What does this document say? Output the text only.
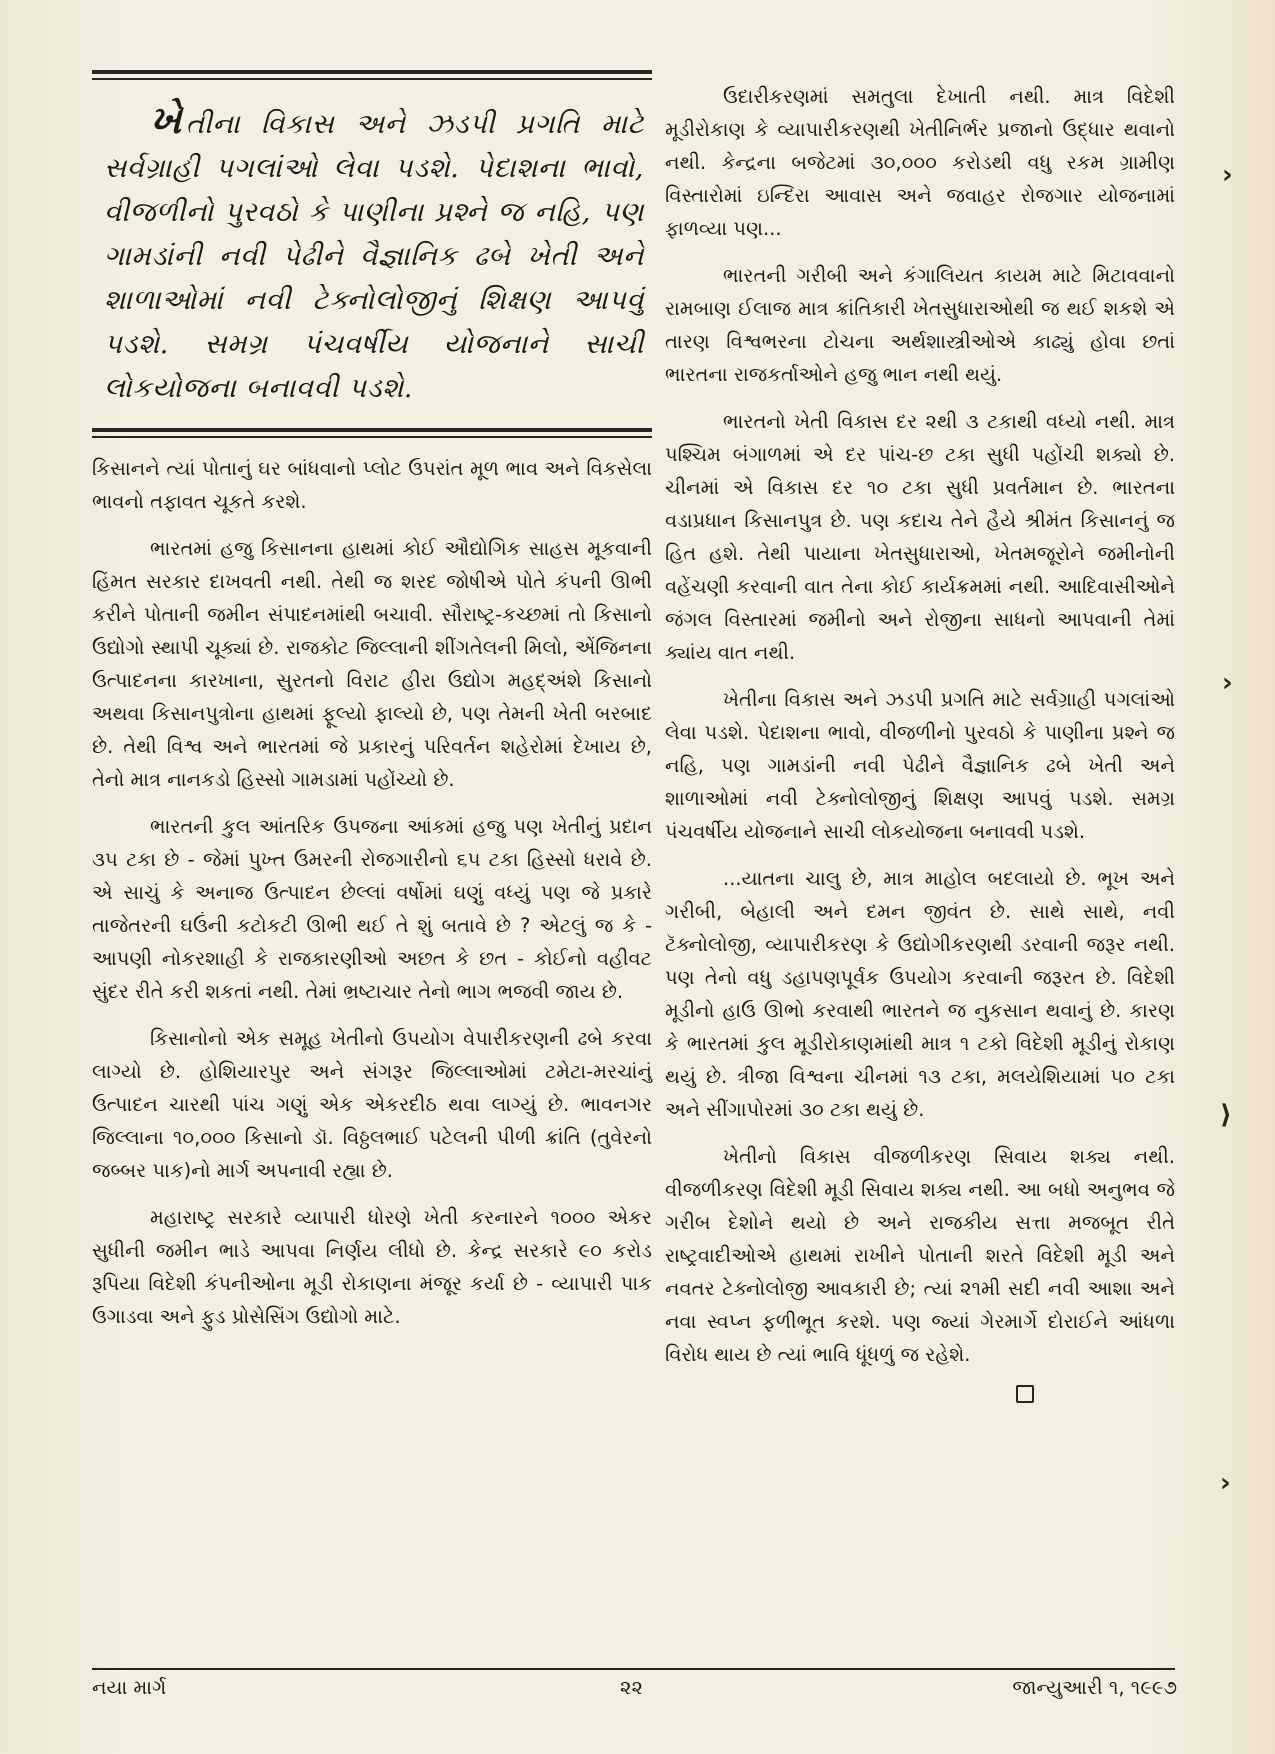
ખે તીના વિકાસ અને ઝડપી પ્રગતિ માટે સર્વગ્રાહી પગલાંઓ લેવા પડશે. પેદાશના ભાવો, વીજળીનો પુરવઠો કે પાણીના પ્રશ્ને જ નહિ, પણ ગામડાંની નવી પેઢીને વૈજ્ઞાનિક ઢબે ખેતી અને શાળાઓમાં નવી ટેક્નોલોજીનું શિક્ષણ આપવું પડશે. સમગ્ર પંચવર્ષીય યોજનાને સાચી લોકયોજના બનાવવી પડશે.

કિસાનને ત્યાં પોતાનું ઘર બાંધવાનો પ્લોટ ઉપરાંત મૂળ ભાવ અને વિકસેલા ભાવનો તફાવત ચૂકતે કરશે.

ભારતમાં હજુ કિસાનના હાથમાં કોઈ ઔદ્યોગિક સાહસ મૂકવાની હિંમત સરકાર દાખવતી નથી. તેથી જ શરદ જોષીએ પોતે કંપની ઊભી કરીને પોતાની જમીન સંપાદનમાંથી બચાવી. સૌરાષ્ટ્ર-કચ્છમાં તો કિસાનો ઉદ્યોગો સ્થાપી ચૂક્યાં છે. રાજકોટ જિલ્લાની શીંગતેલની મિલો, એંજિનના ઉત્પાદનના કારખાના, સુરતનો વિરાટ હીરા ઉદ્યોગ મહદ્અંશે કિસાનો અથવા કિસાનપુત્રોના હાથમાં ફૂલ્યો ફાલ્યો છે, પણ તેમની ખેતી બરબાદ છે. તેથી વિશ્વ અને ભારતમાં જે પ્રકારનું પરિવર્તન શહેરોમાં દેખાય છે, તેનો માત્ર નાનકડો હિસ્સો ગામડામાં પહોંચ્યો છે.

ભારતની કુલ આંતરિક ઉપજના આંકમાં હજુ પણ ખેતીનું પ્રદાન ૩૫ ટકા છે - જેમાં પુખ્ત ઉમરની રોજગારીનો ૬૫ ટકા હિસ્સો ધરાવે છે. એ સાચું કે અનાજ ઉત્પાદન છેલ્લાં વર્ષોમાં ઘણું વધ્યું પણ જે પ્રકારે તાજેતરની ઘઉંની કટોકટી ઊભી થઈ તે શું બતાવે છે ? એટલું જ કે - આપણી નોકરશાહી કે રાજકારણીઓ અછત કે છત - કોઈનો વહીવટ સુંદર રીતે કરી શકતાં નથી. તેમાં ભ્રષ્ટાચાર તેનો ભાગ ભજવી જાય છે.

કિસાનોનો એક સમૂહ ખેતીનો ઉપયોગ વેપારીકરણની ઢબે કરવા લાગ્યો છે. હોશિયારપુર અને સંગરૂર જિલ્લાઓમાં ટમેટા-મરચાંનું ઉત્પાદન ચારથી પાંચ ગણું એક એકરદીઠ થવા લાગ્યું છે. ભાવનગર જિલ્લાના ૧૦,૦૦૦ કિસાનો ડૉ. વિઠ્ઠલભાઈ પટેલની પીળી ક્રાંતિ (તુવેરનો જબ્બર પાક)નો માર્ગ અપનાવી રહ્યા છે.

મહારાષ્ટ્ર સરકારે વ્યાપારી ધોરણે ખેતી કરનારને ૧૦૦૦ એકર સુધીની જમીન ભાડે આપવા નિર્ણય લીધો છે. કેન્દ્ર સરકારે ૯૦ કરોડ રૂપિયા વિદેશી કંપનીઓના મૂડી રોકાણના મંજૂર કર્યા છે - વ્યાપારી પાક ઉગાડવા અને ફુડ પ્રોસેસિંગ ઉદ્યોગો માટે.

ઉદારીકરણમાં સમતુલા દેખાતી નથી. માત્ર વિદેશી મૂડીરોકાણ કે વ્યાપારીકરણથી ખેતીનિર્ભર પ્રજાનો ઉદ્ધાર થવાનો નથી. કેન્દ્રના બજેટમાં ૩૦,૦૦૦ કરોડથી વધુ રકમ ગ્રામીણ વિસ્તારોમાં ઇન્દિરા આવાસ અને જવાહર રોજગાર યોજનામાં ફાળવ્યા પણ...

ભારતની ગરીબી અને કંગાલિયત કાયમ માટે મિટાવવાનો રામબાણ ઈલાજ માત્ર ક્રાંતિકારી ખેતસુધારાઓથી જ થઈ શકશે એ તારણ વિશ્વભરના ટોચના અર્થશાસ્ત્રીઓએ કાઢ્યું હોવા છતાં ભારતના રાજકર્તાઓને હજુ ભાન નથી થયું.

ભારતનો ખેતી વિકાસ દર ૨થી ૩ ટકાથી વધ્યો નથી. માત્ર પશ્ચિમ બંગાળમાં એ દર પાંચ-છ ટકા સુધી પહોંચી શક્યો છે. ચીનમાં એ વિકાસ દર ૧૦ ટકા સુધી પ્રવર્તમાન છે. ભારતના વડાપ્રધાન કિસાનપુત્ર છે. પણ કદાચ તેને હૈયે શ્રીમંત કિસાનનું જ હિત હશે. તેથી પાયાના ખેતસુધારાઓ, ખેતમજૂરોને જમીનોની વહેંચણી કરવાની વાત તેના કોઈ કાર્યક્રમમાં નથી. આદિવાસીઓને જંગલ વિસ્તારમાં જમીનો અને રોજીના સાધનો આપવાની તેમાં ક્યાંય વાત નથી.

ખેતીના વિકાસ અને ઝડપી પ્રગતિ માટે સર્વગ્રાહી પગલાંઓ લેવા પડશે. પેદાશના ભાવો, વીજળીનો પુરવઠો કે પાણીના પ્રશ્ને જ નહિ, પણ ગામડાંની નવી પેઢીને વૈજ્ઞાનિક ઢબે ખેતી અને શાળાઓમાં નવી ટેક્નોલોજીનું શિક્ષણ આપવું પડશે. સમગ્ર પંચવર્ષીય યોજનાને સાચી લોકયોજના બનાવવી પડશે.

...યાતના ચાલુ છે, માત્ર માહોલ બદલાયો છે. ભૂખ અને ગરીબી, બેહાલી અને દમન જીવંત છે. સાથે સાથે, નવી ટૅક્નોલોજી, વ્યાપારીકરણ કે ઉદ્યોગીકરણથી ડરવાની જરૂર નથી. પણ તેનો વધુ ડહાપણપૂર્વક ઉપયોગ કરવાની જરૂરત છે. વિદેશી મૂડીનો હાઉ ઊભો કરવાથી ભારતને જ નુકસાન થવાનું છે. કારણ કે ભારતમાં કુલ મૂડીરોકાણમાંથી માત્ર ૧ ટકો વિદેશી મૂડીનું રોકાણ થયું છે. ત્રીજા વિશ્વના ચીનમાં ૧૩ ટકા, મલયેશિયામાં ૫૦ ટકા અને સીંગાપોરમાં ૩૦ ટકા થયું છે.

ખેતીનો વિકાસ વીજળીકરણ સિવાય શક્ય નથી. વીજળીકરણ વિદેશી મૂડી સિવાય શક્ય નથી. આ બધો અનુભવ જે ગરીબ દેશોને થયો છે અને રાજકીય સત્તા મજબૂત રીતે રાષ્ટ્રવાદીઓએ હાથમાં રાખીને પોતાની શરતે વિદેશી મૂડી અને નવતર ટેક્નોલોજી આવકારી છે; ત્યાં ૨૧મી સદી નવી આશા અને નવા સ્વપ્ન ફળીભૂત કરશે. પણ જ્યાં ગેરમાર્ગે દોરાઈને આંધળા વિરોધ થાય છે ત્યાં ભાવિ ધૂંધળું જ રહેશે.

›
›
⟩
›
નયા માર્ગ	૨૨	જાન્યુઆરી ૧, ૧૯૯૭
